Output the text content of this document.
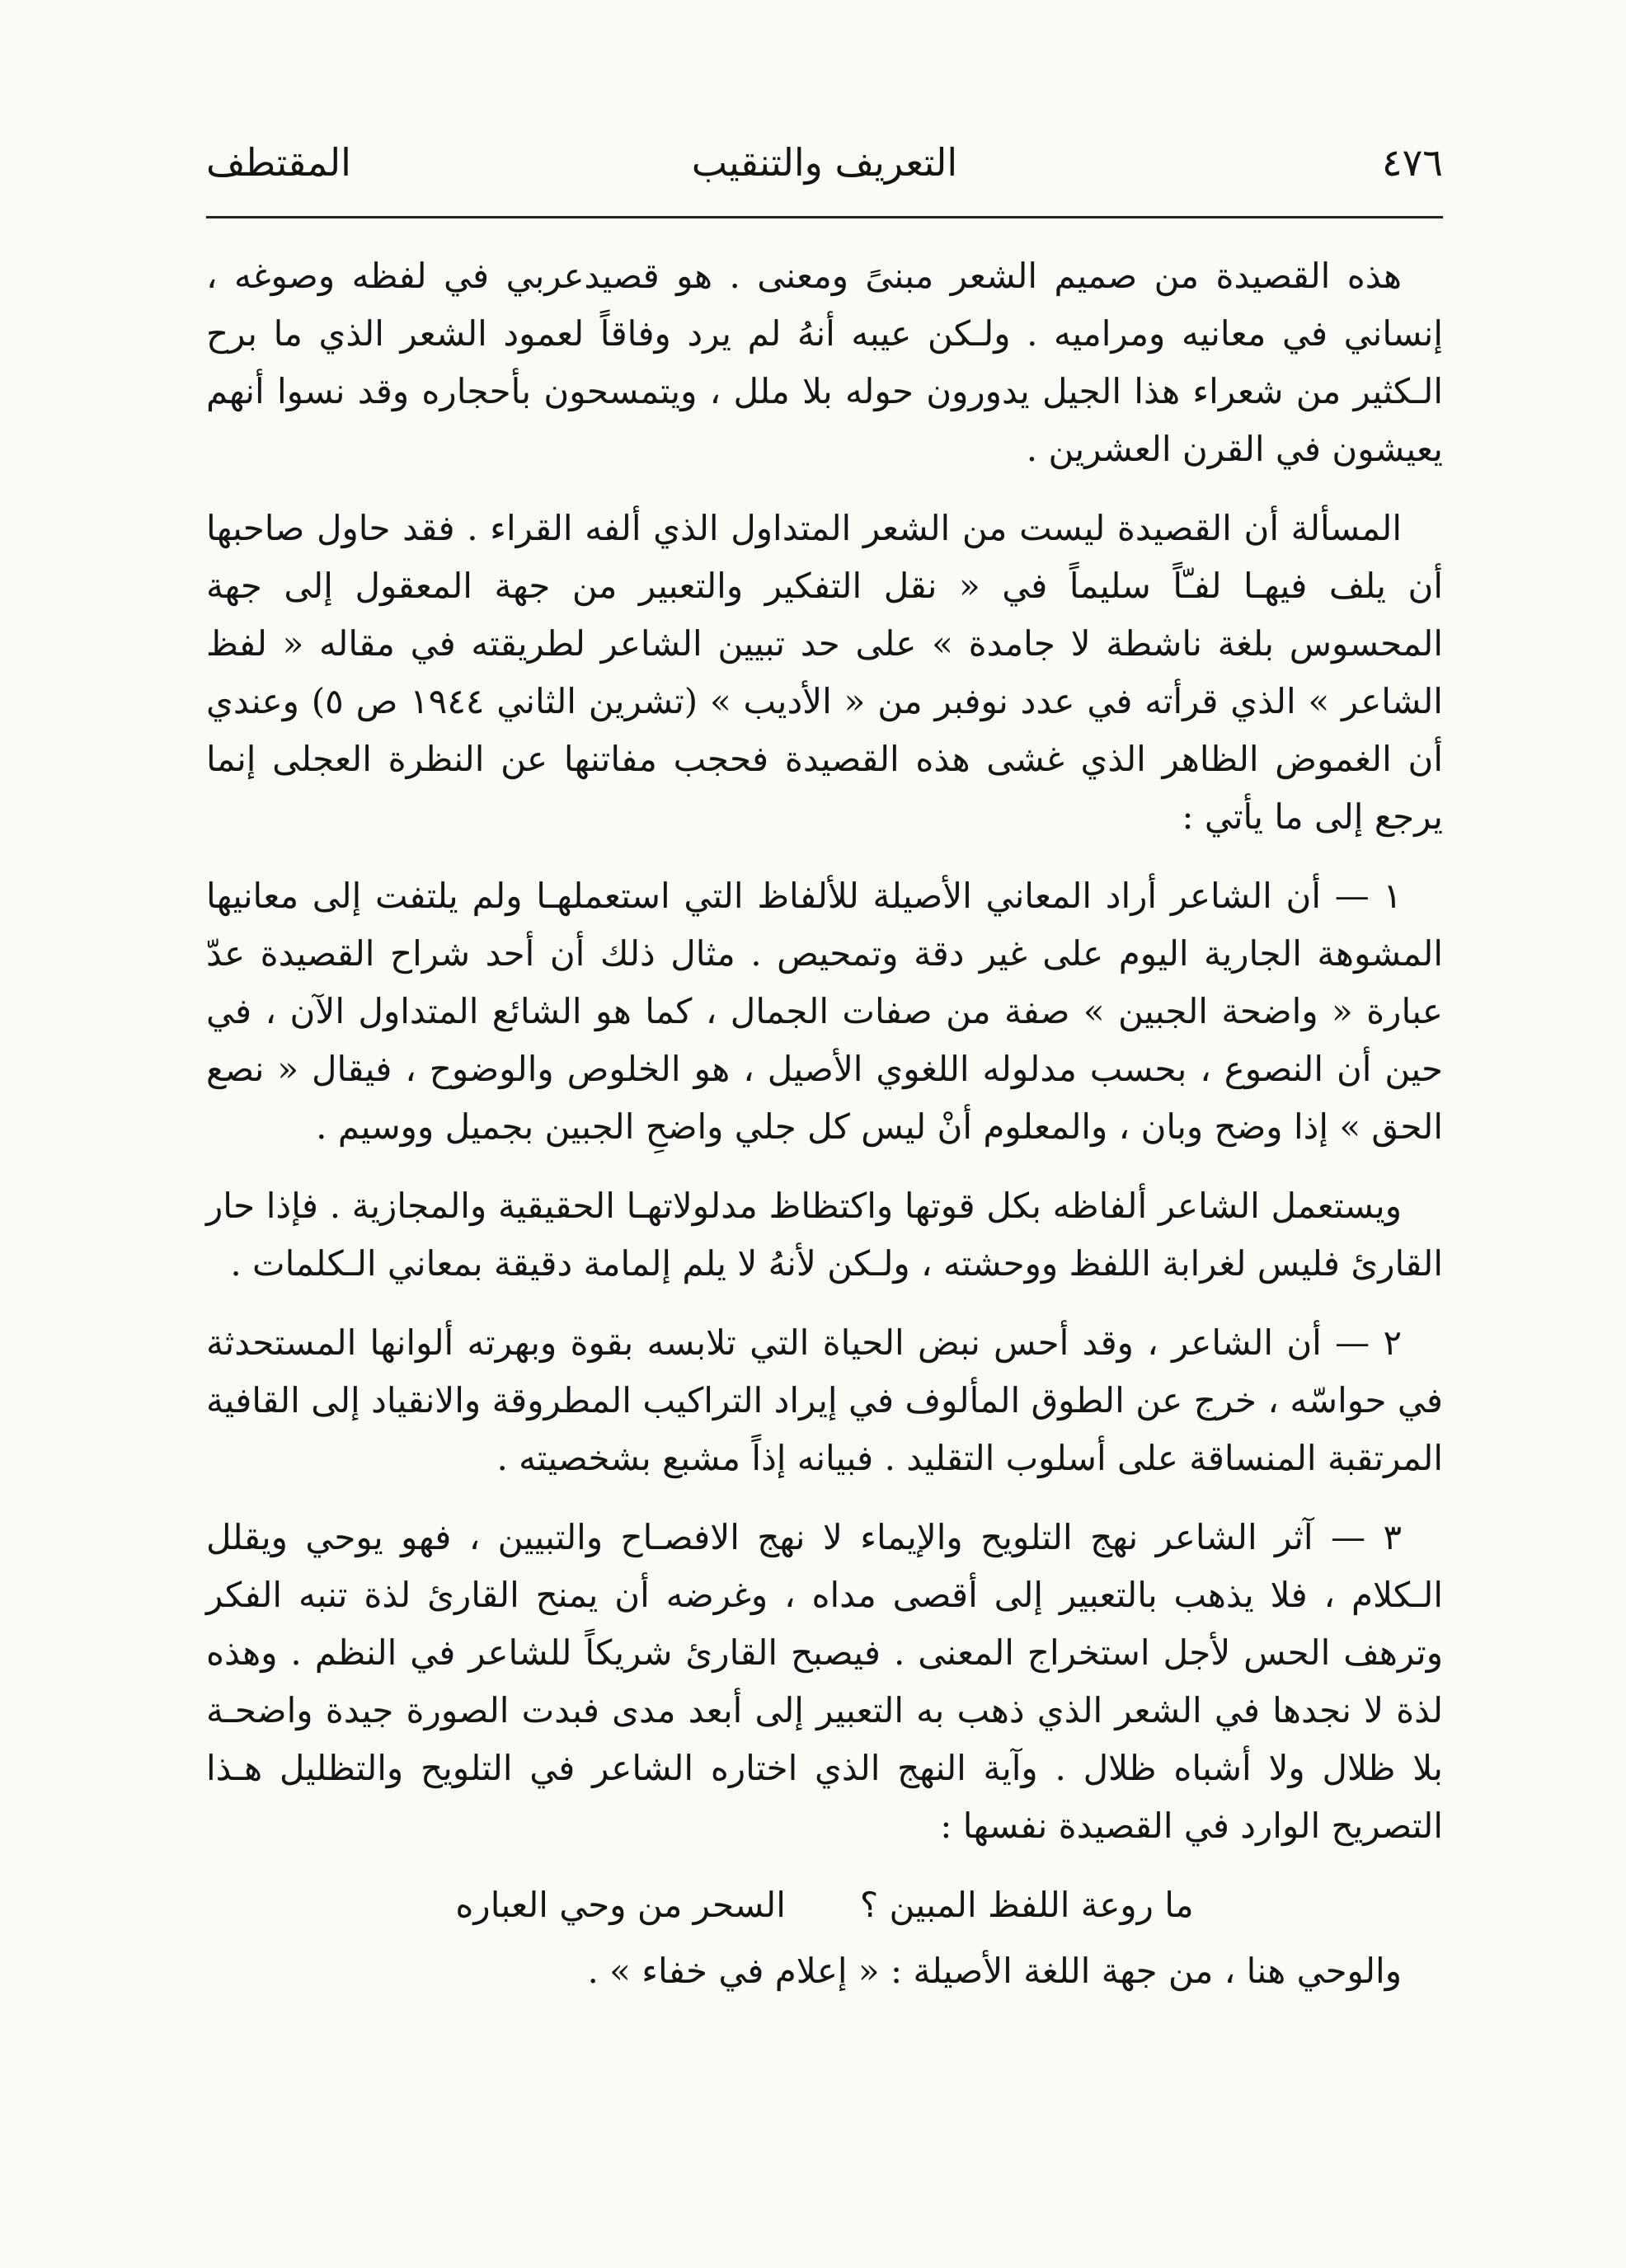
٤٧٦
التعريف والتنقيب
المقتطف

هذه القصيدة من صميم الشعر مبنىً ومعنى . هو قصيدعربي في لفظه وصوغه ، إنساني في معانيه ومراميه . ولـكن عيبه أنهُ لم يرد وفاقاً لعمود الشعر الذي ما برح الـكثير من شعراء هذا الجيل يدورون حوله بلا ملل ، ويتمسحون بأحجاره وقد نسوا أنهم يعيشون في القرن العشرين .

المسألة أن القصيدة ليست من الشعر المتداول الذي ألفه القراء . فقد حاول صاحبها أن يلف فيهـا لفـّاً سليماً في « نقل التفكير والتعبير من جهة المعقول إلى جهة المحسوس بلغة ناشطة لا جامدة » على حد تبيين الشاعر لطريقته في مقاله « لفظ الشاعر » الذي قرأته في عدد نوفبر من « الأديب » (تشرين الثاني ١٩٤٤ ص ٥) وعندي أن الغموض الظاهر الذي غشى هذه القصيدة فحجب مفاتنها عن النظرة العجلى إنما يرجع إلى ما يأتي :

١ — أن الشاعر أراد المعاني الأصيلة للألفاظ التي استعملهـا ولم يلتفت إلى معانيها المشوهة الجارية اليوم على غير دقة وتمحيص . مثال ذلك أن أحد شراح القصيدة عدّ عبارة « واضحة الجبين » صفة من صفات الجمال ، كما هو الشائع المتداول الآن ، في حين أن النصوع ، بحسب مدلوله اللغوي الأصيل ، هو الخلوص والوضوح ، فيقال « نصع الحق » إذا وضح وبان ، والمعلوم أنْ ليس كل جلي واضحِ الجبين بجميل ووسيم .

ويستعمل الشاعر ألفاظه بكل قوتها واكتظاظ مدلولاتهـا الحقيقية والمجازية . فإذا حار القارئ فليس لغرابة اللفظ ووحشته ، ولـكن لأنهُ لا يلم إلمامة دقيقة بمعاني الـكلمات .

٢ — أن الشاعر ، وقد أحس نبض الحياة التي تلابسه بقوة وبهرته ألوانها المستحدثة في حواسّه ، خرج عن الطوق المألوف في إيراد التراكيب المطروقة والانقياد إلى القافية المرتقبة المنساقة على أسلوب التقليد . فبيانه إذاً مشبع بشخصيته .

٣ — آثر الشاعر نهج التلويح والإيماء لا نهج الافصـاح والتبيين ، فهو يوحي ويقلل الـكلام ، فلا يذهب بالتعبير إلى أقصى مداه ، وغرضه أن يمنح القارئ لذة تنبه الفكر وترهف الحس لأجل استخراج المعنى . فيصبح القارئ شريكاً للشاعر في النظم . وهذه لذة لا نجدها في الشعر الذي ذهب به التعبير إلى أبعد مدى فبدت الصورة جيدة واضحـة بلا ظلال ولا أشباه ظلال . وآية النهج الذي اختاره الشاعر في التلويح والتظليل هـذا التصريح الوارد في القصيدة نفسها :

ما روعة اللفظ المبين ؟
السحر من وحي العباره

والوحي هنا ، من جهة اللغة الأصيلة : « إعلام في خفاء » .
